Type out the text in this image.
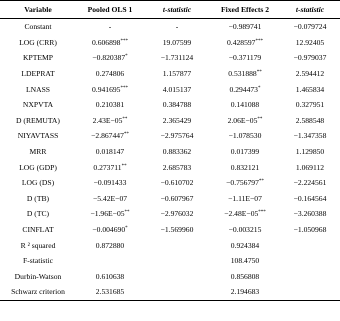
Variable	Pooled OLS 1	t-statistic	Fixed Effects 2	t-statistic
Constant	-	-	−0.989741	−0.079724
LOG (CRR)	0.606898***	19.07599	0.428597***	12.92405
KPTEMP	−0.820387*	−1.731124	−0.371179	−0.979037
LDEPRAT	0.274806	1.157877	0.531888**	2.594412
LNASS	0.941695***	4.015137	0.294473*	1.465834
NXPVTA	0.210381	0.384788	0.141088	0.327951
D (REMUTA)	2.43E−05**	2.365429	2.06E−05**	2.588548
NIYAVTASS	−2.867447**	−2.975764	−1.078530	−1.347358
MRR	0.018147	0.883362	0.017399	1.129850
LOG (GDP)	0.273711**	2.685783	0.832121	1.069112
LOG (DS)	−0.091433	−0.610702	−0.756797**	−2.224561
D (TB)	−5.42E−07	−0.607967	−1.11E−07	−0.164564
D (TC)	−1.96E−05**	−2.976032	−2.48E−05***	−3.260388
CINFLAT	−0.004690*	−1.569960	−0.003215	−1.050968
R ² squared	0.872880		0.924384	
F-statistic			108.4750	
Durbin-Watson	0.610638		0.856808	
Schwarz criterion	2.531685		2.194683	
